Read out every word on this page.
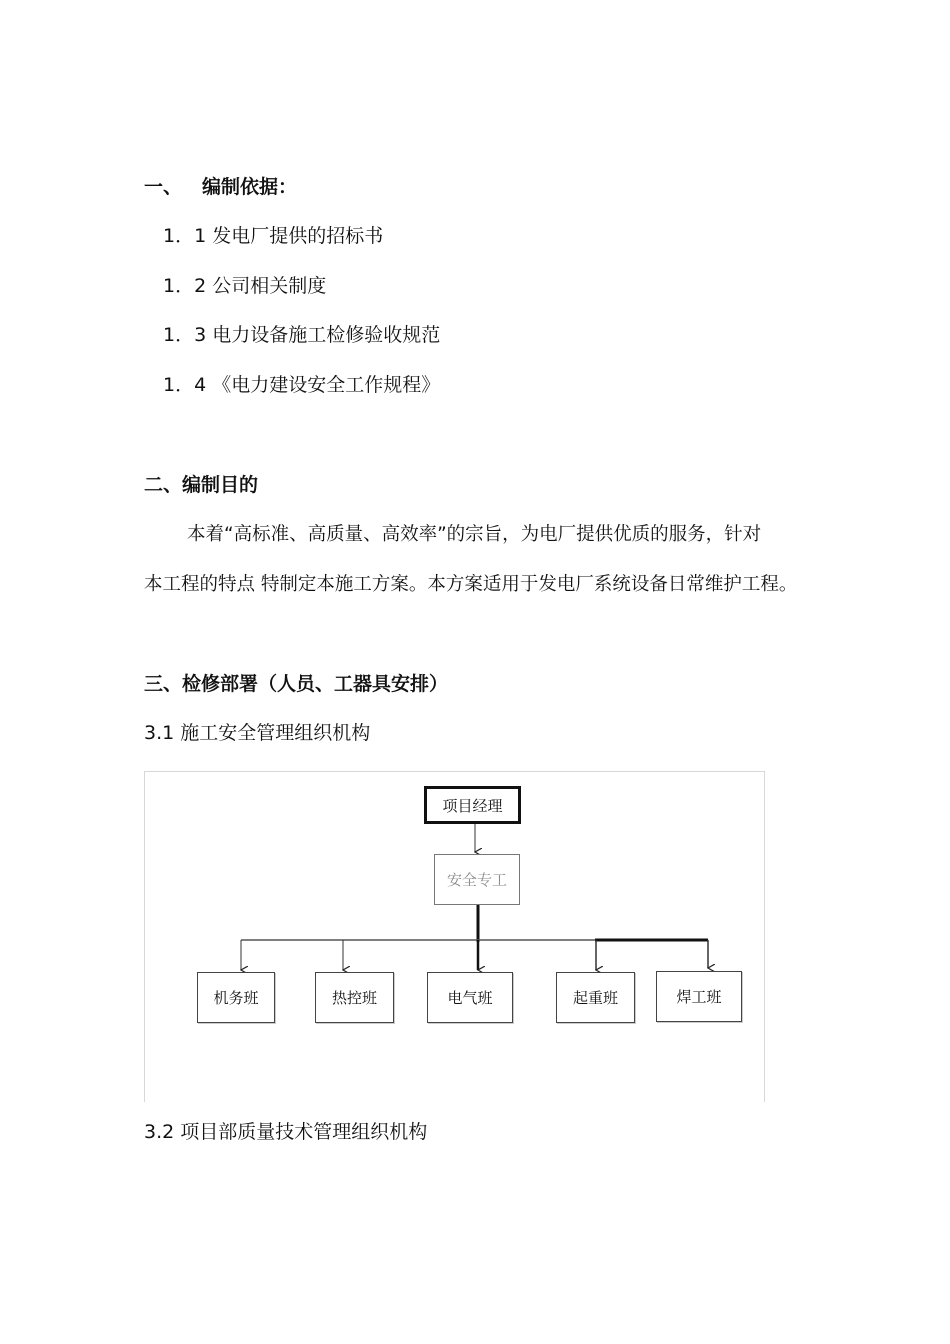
一、 编制依据：
1．1 发电厂提供的招标书
1．2 公司相关制度
1．3 电力设备施工检修验收规范
1．4 《电力建设安全工作规程》
二、编制目的
本着“高标准、高质量、高效率”的宗旨，为电厂提供优质的服务，针对
本工程的特点 特制定本施工方案。本方案适用于发电厂系统设备日常维护工程。
三、检修部署（人员、工器具安排）
3.1 施工安全管理组织机构
项目经理
安全专工
机务班	热控班	电气班	起重班	焊工班
3.2 项目部质量技术管理组织机构
